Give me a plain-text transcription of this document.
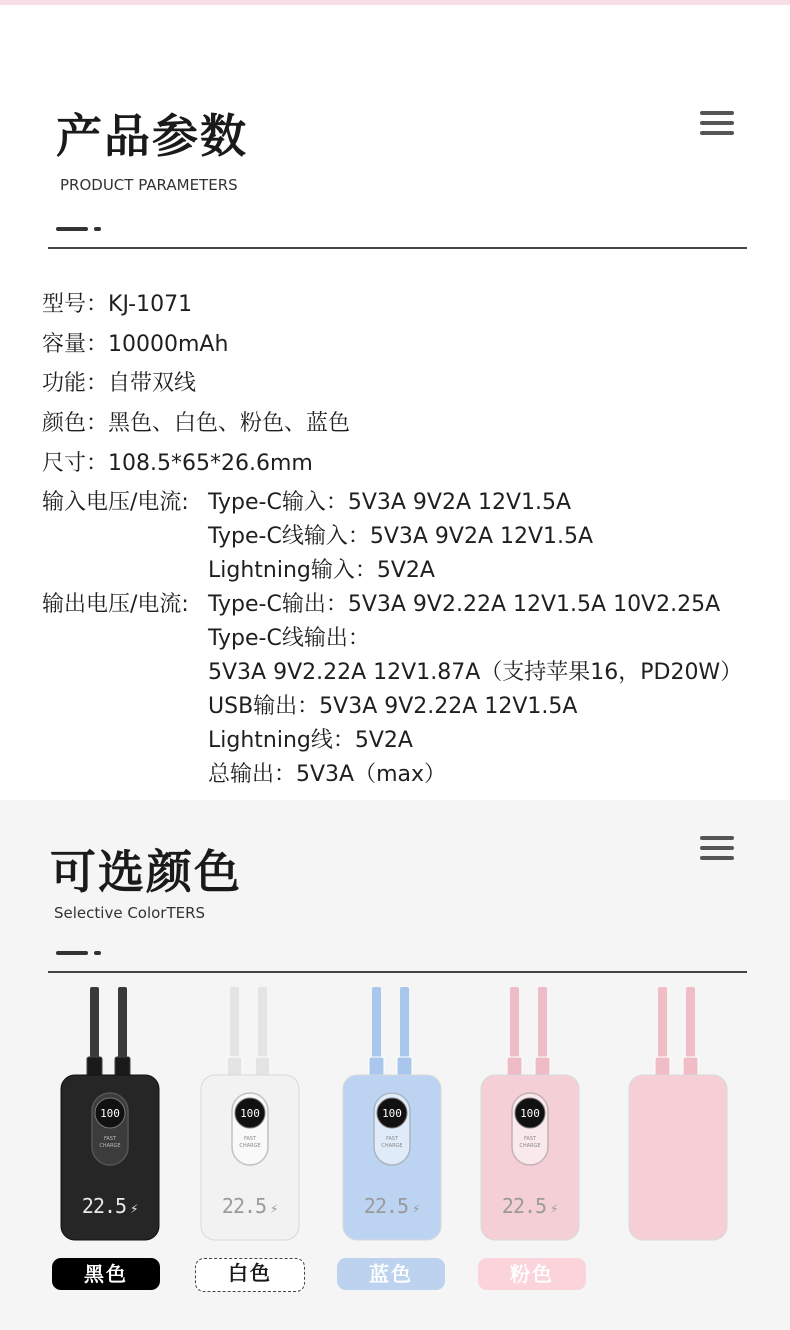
产品参数
PRODUCT PARAMETERS
型号：KJ-1071
容量：10000mAh
功能：自带双线
颜色：黑色、白色、粉色、蓝色
尺寸：108.5*65*26.6mm
输入电压/电流: Type-C输入：5V3A 9V2A 12V1.5A
Type-C线输入：5V3A 9V2A 12V1.5A
Lightning输入：5V2A
输出电压/电流: Type-C输出：5V3A 9V2.22A 12V1.5A 10V2.25A
Type-C线输出：
5V3A 9V2.22A 12V1.87A（支持苹果16，PD20W）
USB输出：5V3A 9V2.22A 12V1.5A
Lightning线：5V2A
总输出：5V3A（max）
可选颜色
Selective ColorTERS
100
FAST
CHARGE
22.5 ⚡
100
FAST
CHARGE
22.5 ⚡
100
FAST
CHARGE
22.5 ⚡
100
FAST
CHARGE
22.5 ⚡
黑色	白色	蓝色	粉色
